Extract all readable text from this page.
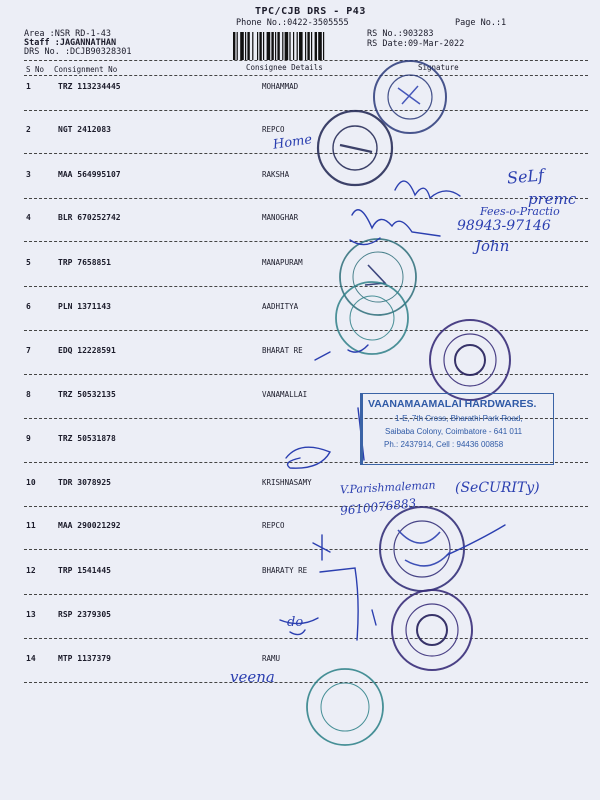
TPC/CJB DRS - P43
Phone No.:0422-3505555	Page No.:1
Area :NSR RD-1-43
Staff :JAGANNATHAN
DRS No. :DCJB90328301
RS No.:903283
RS Date:09-Mar-2022
S No Consignment No	Consignee Details	Signature
1	TRZ 113234445	MOHAMMAD
2	NGT 2412083	REPCO
3	MAA 564995107	RAKSHA
4	BLR 670252742	MANOGHAR
5	TRP 7658851	MANAPURAM
6	PLN 1371143	AADHITYA
7	EDQ 12228591	BHARAT RE
8	TRZ 50532135	VANAMALLAI
9	TRZ 50531878
10	TDR 3078925	KRISHNASAMY
11	MAA 290021292	REPCO
12	TRP 1541445	BHARATY RE
13	RSP 2379305
14	MTP 1137379	RAMU
VAANAMAAMALAI HARDWARES.
1-E, 7th Cross, Bharathi Park Road,
Saibaba Colony, Coimbatore - 641 011
Ph.: 2437914, Cell : 94436 00858
Home
SeLf
premc
Fees-o-Practio
98943-97146
John
V.Parishmaleman
9610076883
(SeCURITy)
do
veena
